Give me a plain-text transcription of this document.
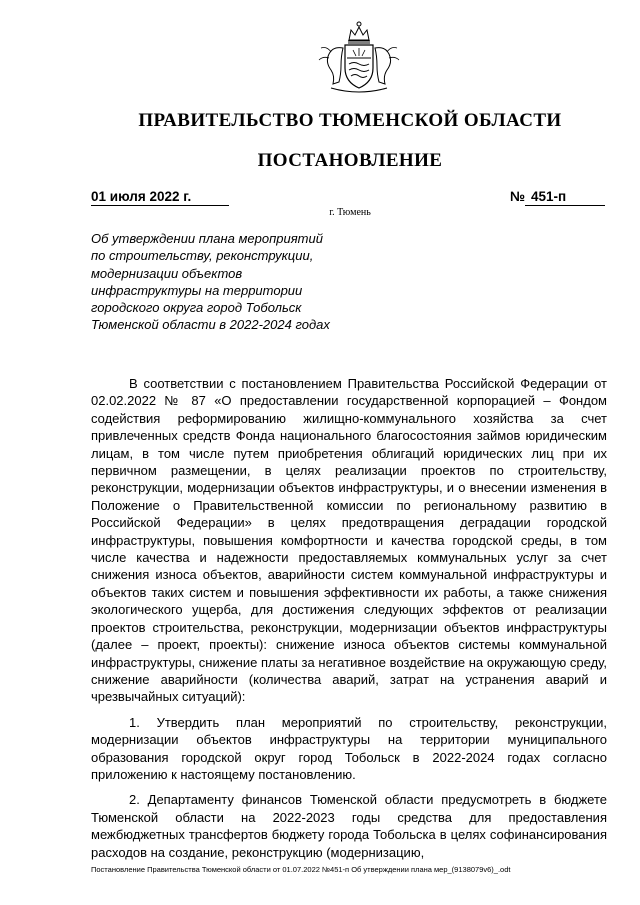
ПРАВИТЕЛЬСТВО ТЮМЕНСКОЙ ОБЛАСТИ
ПОСТАНОВЛЕНИЕ
01 июля 2022 г.	№ 451-п
г. Тюмень
Об утверждении плана мероприятий
по строительству, реконструкции,
модернизации объектов
инфраструктуры на территории
городского округа город Тобольск
Тюменской области в 2022-2024 годах

В соответствии с постановлением Правительства Российской Федерации от 02.02.2022 № 87 «О предоставлении государственной корпорацией – Фондом содействия реформированию жилищно-коммунального хозяйства за счет привлеченных средств Фонда национального благосостояния займов юридическим лицам, в том числе путем приобретения облигаций юридических лиц при их первичном размещении, в целях реализации проектов по строительству, реконструкции, модернизации объектов инфраструктуры, и о внесении изменения в Положение о Правительственной комиссии по региональному развитию в Российской Федерации» в целях предотвращения деградации городской инфраструктуры, повышения комфортности и качества городской среды, в том числе качества и надежности предоставляемых коммунальных услуг за счет снижения износа объектов, аварийности систем коммунальной инфраструктуры и объектов таких систем и повышения эффективности их работы, а также снижения экологического ущерба, для достижения следующих эффектов от реализации проектов строительства, реконструкции, модернизации объектов инфраструктуры (далее – проект, проекты): снижение износа объектов системы коммунальной инфраструктуры, снижение платы за негативное воздействие на окружающую среду, снижение аварийности (количества аварий, затрат на устранения аварий и чрезвычайных ситуаций):

1. Утвердить план мероприятий по строительству, реконструкции, модернизации объектов инфраструктуры на территории муниципального образования городской округ город Тобольск в 2022-2024 годах согласно приложению к настоящему постановлению.

2. Департаменту финансов Тюменской области предусмотреть в бюджете Тюменской области на 2022-2023 годы средства для предоставления межбюджетных трансфертов бюджету города Тобольска в целях софинансирования расходов на создание, реконструкцию (модернизацию,

Постановление Правительства Тюменской области от 01.07.2022 №451-п Об утверждении плана мер_(9138079v6)_.odt
